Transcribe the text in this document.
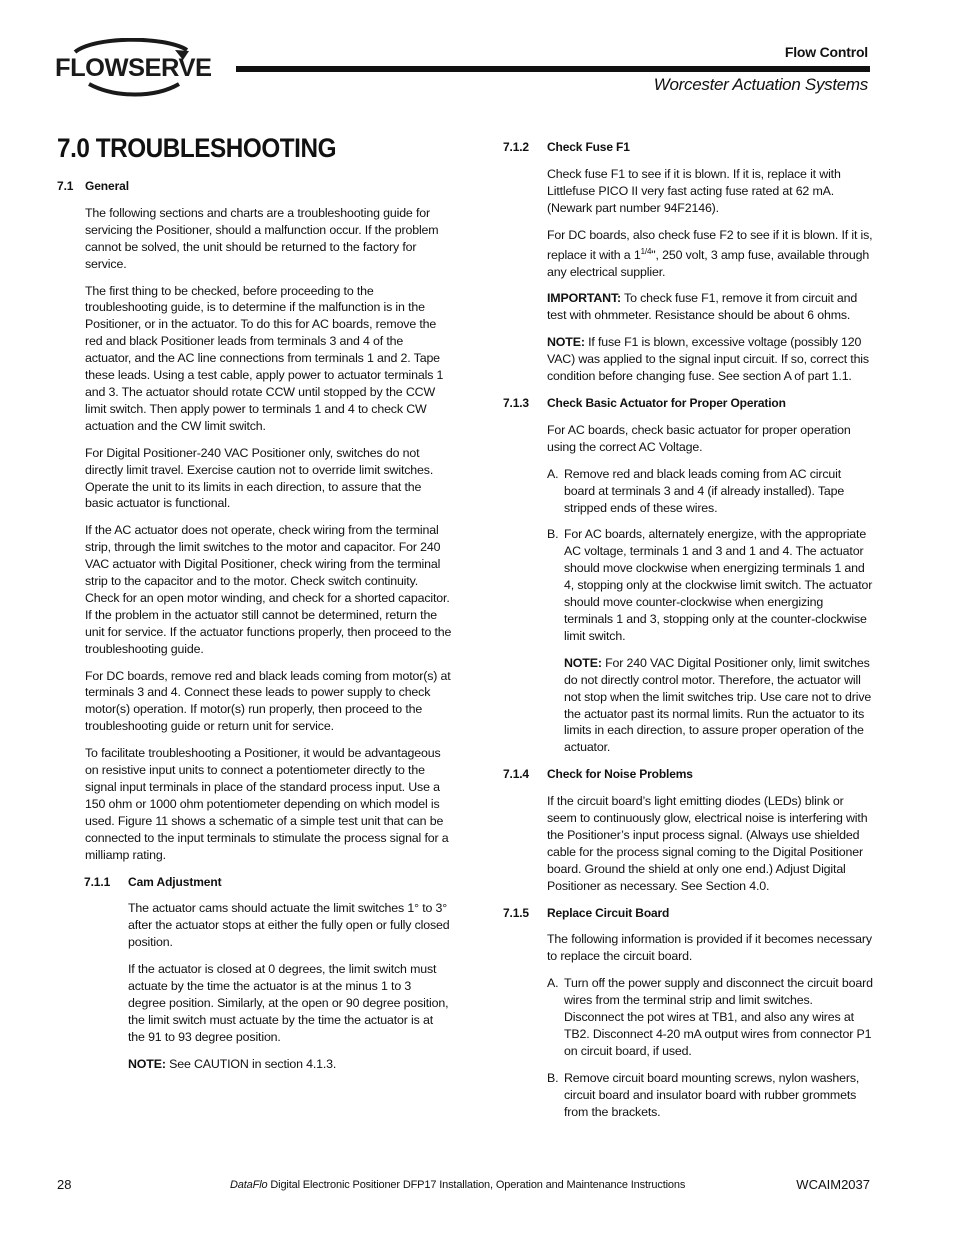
FLOWSERVE
Flow Control
Worcester Actuation Systems
7.0 TROUBLESHOOTING
7.1 General

The following sections and charts are a troubleshooting guide for servicing the Positioner, should a malfunction occur. If the problem cannot be solved, the unit should be returned to the factory for service.

The first thing to be checked, before proceeding to the troubleshooting guide, is to determine if the malfunction is in the Positioner, or in the actuator. To do this for AC boards, remove the red and black Positioner leads from terminals 3 and 4 of the actuator, and the AC line connections from terminals 1 and 2. Tape these leads. Using a test cable, apply power to actuator terminals 1 and 3. The actuator should rotate CCW until stopped by the CCW limit switch. Then apply power to terminals 1 and 4 to check CW actuation and the CW limit switch.

For Digital Positioner-240 VAC Positioner only, switches do not directly limit travel. Exercise caution not to override limit switches. Operate the unit to its limits in each direction, to assure that the basic actuator is functional.

If the AC actuator does not operate, check wiring from the terminal strip, through the limit switches to the motor and capacitor. For 240 VAC actuator with Digital Positioner, check wiring from the terminal strip to the capacitor and to the motor. Check switch continuity. Check for an open motor winding, and check for a shorted capacitor. If the problem in the actuator still cannot be determined, return the unit for service. If the actuator functions properly, then proceed to the troubleshooting guide.

For DC boards, remove red and black leads coming from motor(s) at terminals 3 and 4. Connect these leads to power supply to check motor(s) operation. If motor(s) run properly, then proceed to the troubleshooting guide or return unit for service.

To facilitate troubleshooting a Positioner, it would be advantageous on resistive input units to connect a potentiometer directly to the signal input terminals in place of the standard process input. Use a 150 ohm or 1000 ohm potentiometer depending on which model is used. Figure 11 shows a schematic of a simple test unit that can be connected to the input terminals to stimulate the process signal for a milliamp rating.

7.1.1 Cam Adjustment

The actuator cams should actuate the limit switches 1° to 3° after the actuator stops at either the fully open or fully closed position.

If the actuator is closed at 0 degrees, the limit switch must actuate by the time the actuator is at the minus 1 to 3 degree position. Similarly, at the open or 90 degree position, the limit switch must actuate by the time the actuator is at the 91 to 93 degree position.

NOTE: See CAUTION in section 4.1.3.

7.1.2 Check Fuse F1

Check fuse F1 to see if it is blown. If it is, replace it with Littlefuse PICO II very fast acting fuse rated at 62 mA. (Newark part number 94F2146).

For DC boards, also check fuse F2 to see if it is blown. If it is, replace it with a $1^{1/4}$", 250 volt, 3 amp fuse, available through any electrical supplier.

IMPORTANT: To check fuse F1, remove it from circuit and test with ohmmeter. Resistance should be about 6 ohms.

NOTE: If fuse F1 is blown, excessive voltage (possibly 120 VAC) was applied to the signal input circuit. If so, correct this condition before changing fuse. See section A of part 1.1.

7.1.3 Check Basic Actuator for Proper Operation

For AC boards, check basic actuator for proper operation using the correct AC Voltage.

A. Remove red and black leads coming from AC circuit board at terminals 3 and 4 (if already installed). Tape stripped ends of these wires.
B. For AC boards, alternately energize, with the appropriate AC voltage, terminals 1 and 3 and 1 and 4. The actuator should move clockwise when energizing terminals 1 and 4, stopping only at the clockwise limit switch. The actuator should move counter-clockwise when energizing terminals 1 and 3, stopping only at the counter-clockwise limit switch.

NOTE: For 240 VAC Digital Positioner only, limit switches do not directly control motor. Therefore, the actuator will not stop when the limit switches trip. Use care not to drive the actuator past its normal limits. Run the actuator to its limits in each direction, to assure proper operation of the actuator.

7.1.4 Check for Noise Problems

If the circuit board’s light emitting diodes (LEDs) blink or seem to continuously glow, electrical noise is interfering with the Positioner’s input process signal. (Always use shielded cable for the process signal coming to the Digital Positioner board. Ground the shield at only one end.) Adjust Digital Positioner as necessary. See Section 4.0.

7.1.5 Replace Circuit Board

The following information is provided if it becomes necessary to replace the circuit board.

A. Turn off the power supply and disconnect the circuit board wires from the terminal strip and limit switches. Disconnect the pot wires at TB1, and also any wires at TB2. Disconnect 4-20 mA output wires from connector P1 on circuit board, if used.
B. Remove circuit board mounting screws, nylon washers, circuit board and insulator board with rubber grommets from the brackets.
28	DataFlo Digital Electronic Positioner DFP17 Installation, Operation and Maintenance Instructions	WCAIM2037
